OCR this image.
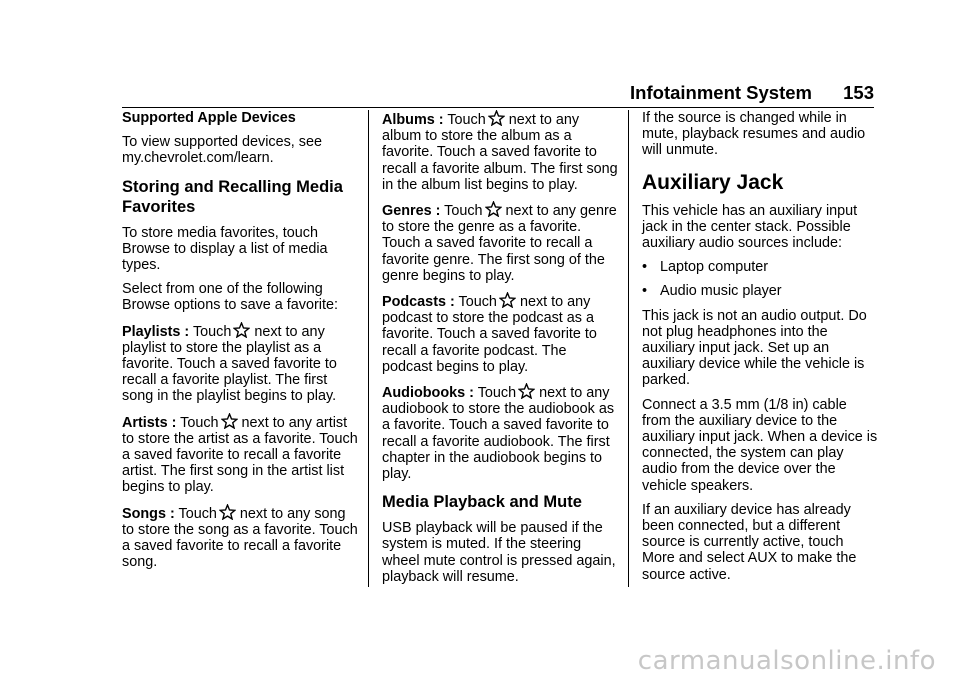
Infotainment System 153

Supported Apple Devices

To view supported devices, see my.chevrolet.com/learn.

Storing and Recalling Media Favorites

To store media favorites, touch Browse to display a list of media types.

Select from one of the following Browse options to save a favorite:

Playlists : Touch next to any playlist to store the playlist as a favorite. Touch a saved favorite to recall a favorite playlist. The first song in the playlist begins to play.

Artists : Touch next to any artist to store the artist as a favorite. Touch a saved favorite to recall a favorite artist. The first song in the artist list begins to play.

Songs : Touch next to any song to store the song as a favorite. Touch a saved favorite to recall a favorite song.

Albums : Touch next to any album to store the album as a favorite. Touch a saved favorite to recall a favorite album. The first song in the album list begins to play.

Genres : Touch next to any genre to store the genre as a favorite. Touch a saved favorite to recall a favorite genre. The first song of the genre begins to play.

Podcasts : Touch next to any podcast to store the podcast as a favorite. Touch a saved favorite to recall a favorite podcast. The podcast begins to play.

Audiobooks : Touch next to any audiobook to store the audiobook as a favorite. Touch a saved favorite to recall a favorite audiobook. The first chapter in the audiobook begins to play.

Media Playback and Mute

USB playback will be paused if the system is muted. If the steering wheel mute control is pressed again, playback will resume.

If the source is changed while in mute, playback resumes and audio will unmute.

Auxiliary Jack

This vehicle has an auxiliary input jack in the center stack. Possible auxiliary audio sources include:

• Laptop computer
• Audio music player

This jack is not an audio output. Do not plug headphones into the auxiliary input jack. Set up an auxiliary device while the vehicle is parked.

Connect a 3.5 mm (1/8 in) cable from the auxiliary device to the auxiliary input jack. When a device is connected, the system can play audio from the device over the vehicle speakers.

If an auxiliary device has already been connected, but a different source is currently active, touch More and select AUX to make the source active.

carmanualsonline.info
